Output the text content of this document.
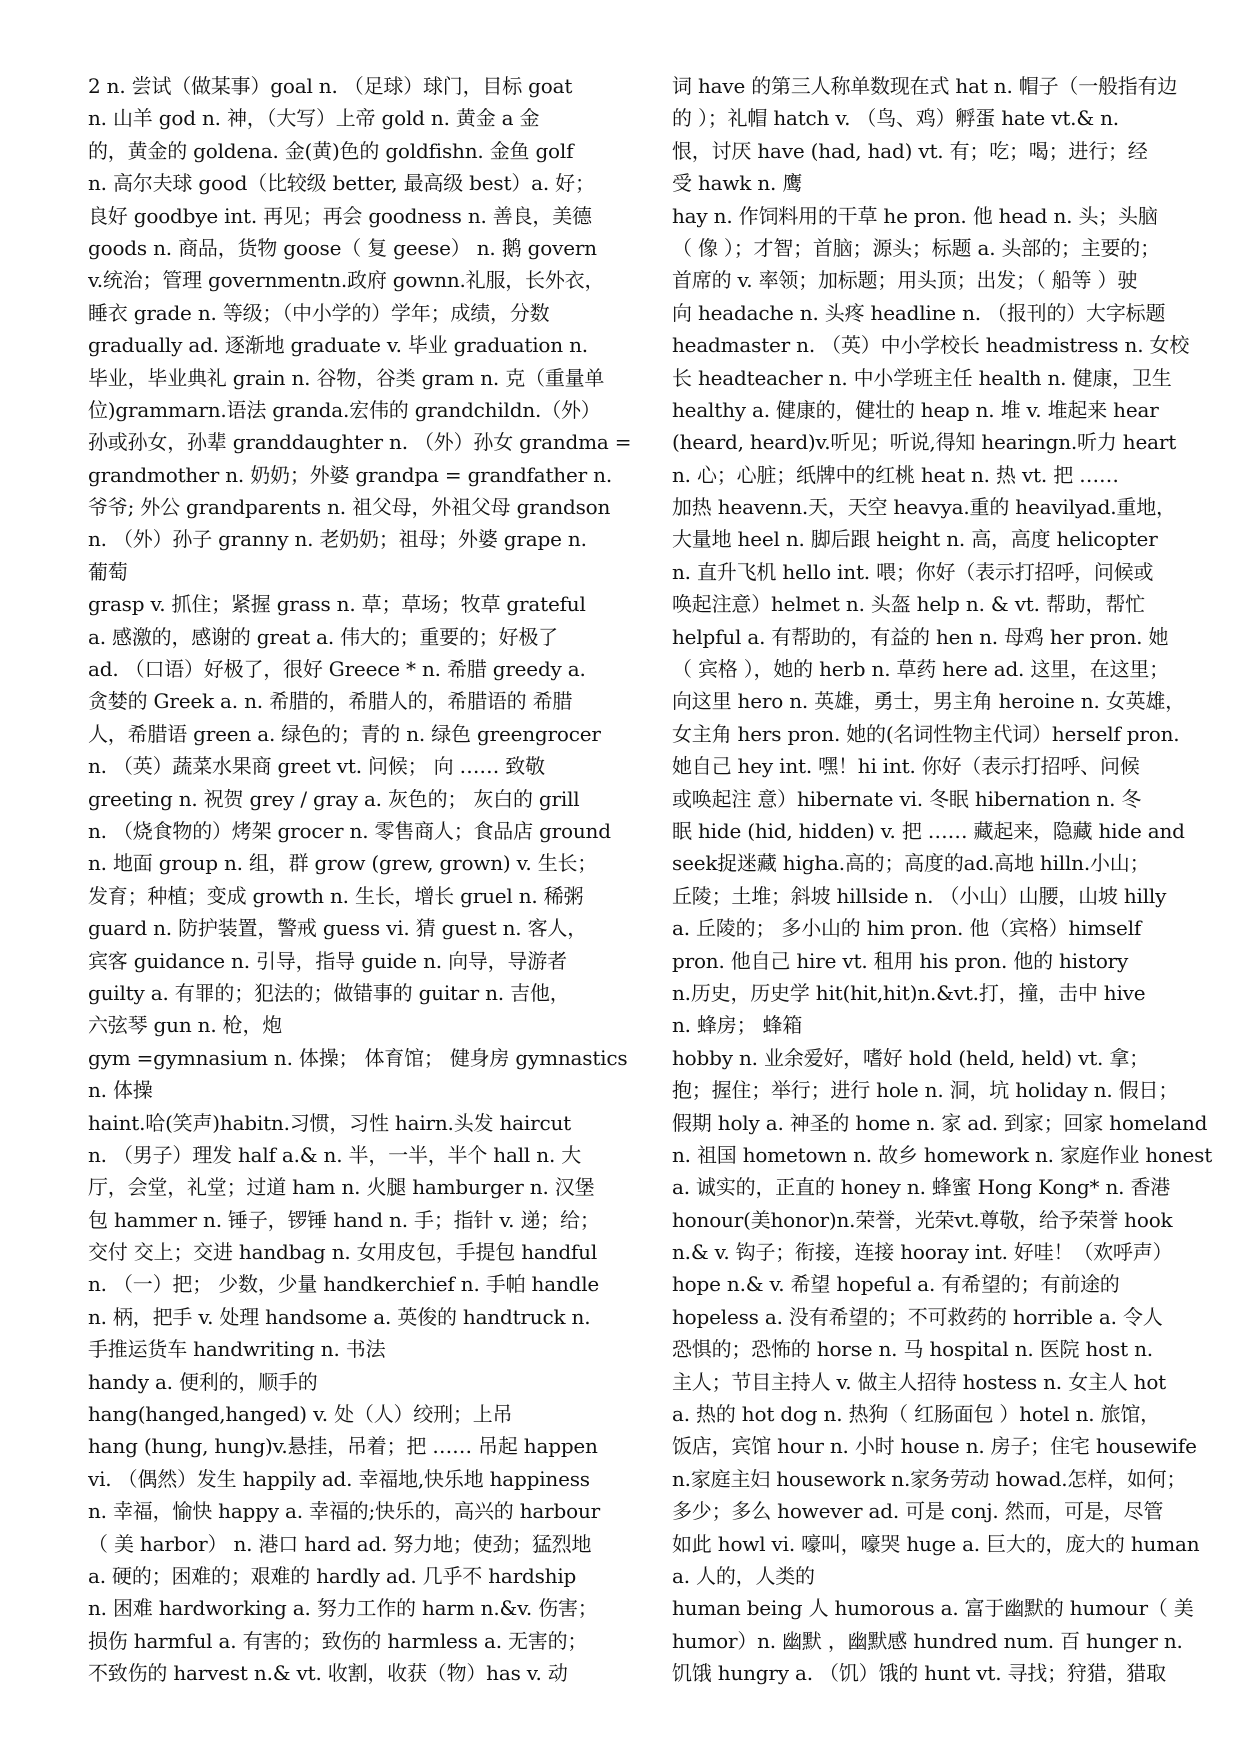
2 n. 尝试（做某事）goal n. （足球）球门，目标 goat
n. 山羊 god n. 神，（大写）上帝 gold n. 黄金 a 金
的，黄金的 goldena. 金(黄)色的 goldfishn. 金鱼 golf
n. 高尔夫球 good（比较级 better, 最高级 best）a. 好；
良好 goodbye int. 再见；再会 goodness n. 善良，美德
goods n. 商品，货物 goose（ 复 geese） n. 鹅 govern
v.统治；管理 governmentn.政府 gownn.礼服，长外衣，
睡衣 grade n. 等级；（中小学的）学年；成绩，分数
gradually ad. 逐渐地 graduate v. 毕业 graduation n.
毕业，毕业典礼 grain n. 谷物，谷类 gram n. 克（重量单
位)grammarn.语法 granda.宏伟的 grandchildn.（外）
孙或孙女，孙辈 granddaughter n. （外）孙女 grandma =
grandmother n. 奶奶；外婆 grandpa = grandfather n.
爷爷; 外公 grandparents n. 祖父母，外祖父母 grandson
n. （外）孙子 granny n. 老奶奶；祖母；外婆 grape n.
葡萄
grasp v. 抓住；紧握 grass n. 草；草场；牧草 grateful
a. 感激的，感谢的 great a. 伟大的；重要的；好极了
ad. （口语）好极了，很好 Greece * n. 希腊 greedy a.
贪婪的 Greek a. n. 希腊的，希腊人的，希腊语的 希腊
人，希腊语 green a. 绿色的；青的 n. 绿色 greengrocer
n. （英）蔬菜水果商 greet vt. 问候； 向 …… 致敬
greeting n. 祝贺 grey / gray a. 灰色的； 灰白的 grill
n. （烧食物的）烤架 grocer n. 零售商人；食品店 ground
n. 地面 group n. 组，群 grow (grew, grown) v. 生长；
发育；种植；变成 growth n. 生长，增长 gruel n. 稀粥
guard n. 防护装置，警戒 guess vi. 猜 guest n. 客人，
宾客 guidance n. 引导，指导 guide n. 向导，导游者
guilty a. 有罪的；犯法的；做错事的 guitar n. 吉他，
六弦琴 gun n. 枪，炮
gym =gymnasium n. 体操； 体育馆； 健身房 gymnastics
n. 体操
haint.哈(笑声)habitn.习惯，习性 hairn.头发 haircut
n. （男子）理发 half a.& n. 半，一半，半个 hall n. 大
厅，会堂，礼堂；过道 ham n. 火腿 hamburger n. 汉堡
包 hammer n. 锤子，锣锤 hand n. 手；指针 v. 递；给；
交付 交上；交进 handbag n. 女用皮包，手提包 handful
n. （一）把； 少数，少量 handkerchief n. 手帕 handle
n. 柄，把手 v. 处理 handsome a. 英俊的 handtruck n.
手推运货车 handwriting n. 书法
handy a. 便利的，顺手的
hang(hanged,hanged) v. 处（人）绞刑；上吊
hang (hung, hung)v.悬挂，吊着；把 …… 吊起 happen
vi. （偶然）发生 happily ad. 幸福地,快乐地 happiness
n. 幸福，愉快 happy a. 幸福的;快乐的，高兴的 harbour
（ 美 harbor） n. 港口 hard ad. 努力地；使劲；猛烈地
a. 硬的；困难的；艰难的 hardly ad. 几乎不 hardship
n. 困难 hardworking a. 努力工作的 harm n.&v. 伤害；
损伤 harmful a. 有害的；致伤的 harmless a. 无害的；
不致伤的 harvest n.& vt. 收割，收获（物）has v. 动
词 have 的第三人称单数现在式 hat n. 帽子（一般指有边
的 ）；礼帽 hatch v. （鸟、鸡）孵蛋 hate vt.& n.
恨，讨厌 have (had, had) vt. 有；吃；喝；进行；经
受 hawk n. 鹰
hay n. 作饲料用的干草 he pron. 他 head n. 头；头脑
（ 像 ）；才智；首脑；源头；标题 a. 头部的；主要的；
首席的 v. 率领；加标题；用头顶；出发；（ 船等 ）驶
向 headache n. 头疼 headline n. （报刊的）大字标题
headmaster n. （英）中小学校长 headmistress n. 女校
长 headteacher n. 中小学班主任 health n. 健康，卫生
healthy a. 健康的，健壮的 heap n. 堆 v. 堆起来 hear
(heard, heard)v.听见；听说,得知 hearingn.听力 heart
n. 心；心脏；纸牌中的红桃 heat n. 热 vt. 把 ……
加热 heavenn.天，天空 heavya.重的 heavilyad.重地，
大量地 heel n. 脚后跟 height n. 高，高度 helicopter
n. 直升飞机 hello int. 喂；你好（表示打招呼，问候或
唤起注意）helmet n. 头盔 help n. & vt. 帮助，帮忙
helpful a. 有帮助的，有益的 hen n. 母鸡 her pron. 她
（ 宾格 ），她的 herb n. 草药 here ad. 这里，在这里；
向这里 hero n. 英雄，勇士，男主角 heroine n. 女英雄，
女主角 hers pron. 她的(名词性物主代词）herself pron.
她自己 hey int. 嘿！hi int. 你好（表示打招呼、问候
或唤起注 意）hibernate vi. 冬眠 hibernation n. 冬
眠 hide (hid, hidden) v. 把 …… 藏起来，隐藏 hide and
seek捉迷藏 higha.高的；高度的ad.高地 hilln.小山；
丘陵；土堆；斜坡 hillside n. （小山）山腰，山坡 hilly
a. 丘陵的； 多小山的 him pron. 他（宾格）himself
pron. 他自己 hire vt. 租用 his pron. 他的 history
n.历史，历史学 hit(hit,hit)n.&vt.打，撞，击中 hive
n. 蜂房； 蜂箱
hobby n. 业余爱好，嗜好 hold (held, held) vt. 拿；
抱；握住；举行；进行 hole n. 洞，坑 holiday n. 假日；
假期 holy a. 神圣的 home n. 家 ad. 到家；回家 homeland
n. 祖国 hometown n. 故乡 homework n. 家庭作业 honest
a. 诚实的，正直的 honey n. 蜂蜜 Hong Kong* n. 香港
honour(美honor)n.荣誉，光荣vt.尊敬，给予荣誉 hook
n.& v. 钩子；衔接，连接 hooray int. 好哇！（欢呼声）
hope n.& v. 希望 hopeful a. 有希望的；有前途的
hopeless a. 没有希望的；不可救药的 horrible a. 令人
恐惧的；恐怖的 horse n. 马 hospital n. 医院 host n.
主人；节目主持人 v. 做主人招待 hostess n. 女主人 hot
a. 热的 hot dog n. 热狗（ 红肠面包 ）hotel n. 旅馆，
饭店，宾馆 hour n. 小时 house n. 房子；住宅 housewife
n.家庭主妇 housework n.家务劳动 howad.怎样，如何；
多少；多么 however ad. 可是 conj. 然而，可是，尽管
如此 howl vi. 嚎叫，嚎哭 huge a. 巨大的，庞大的 human
a. 人的，人类的
human being 人 humorous a. 富于幽默的 humour（ 美
humor）n. 幽默 ，幽默感 hundred num. 百 hunger n.
饥饿 hungry a. （饥）饿的 hunt vt. 寻找；狩猎，猎取
